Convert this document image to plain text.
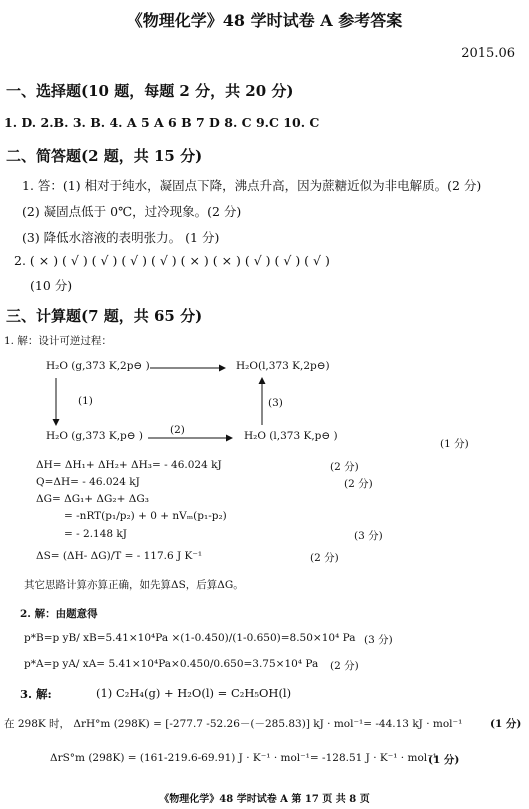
《物理化学》48 学时试卷 A 参考答案
2015.06
一、选择题(10 题，每题 2 分，共 20 分)
1. D. 2.B. 3. B. 4. A 5 A 6 B 7 D 8. C 9.C 10. C
二、简答题(2 题，共 15 分)
1. 答：(1) 相对于纯水，凝固点下降，沸点升高，因为蔗糖近似为非电解质。(2 分)
(2) 凝固点低于 0℃，过冷现象。(2 分)
(3) 降低水溶液的表明张力。 (1 分)
2. ( × ) ( √ ) ( √ ) ( √ ) ( √ ) ( × ) ( × ) ( √ ) ( √ ) ( √ )
(10 分)
三、计算题(7 题，共 65 分)
1. 解：设计可逆过程：
H₂O (g,373 K,2p⊖ )	H₂O(l,373 K,2p⊖)
H₂O (g,373 K,p⊖ )	H₂O (l,373 K,p⊖ )
(1)
(2)
(3)
(1 分)
ΔH= ΔH₁+ ΔH₂+ ΔH₃= - 46.024 kJ	(2 分)
Q=ΔH= - 46.024 kJ	(2 分)
ΔG= ΔG₁+ ΔG₂+ ΔG₃
= -nRT(p₁/p₂) + 0 + nVₘ(p₁-p₂)
= - 2.148 kJ	(3 分)
ΔS= (ΔH- ΔG)/T = - 117.6 J K⁻¹	(2 分)
其它思路计算亦算正确，如先算ΔS，后算ΔG。
2. 解：由题意得
p*B=p yB/ xB=5.41×10⁴Pa ×(1-0.450)/(1-0.650)=8.50×10⁴ Pa (3 分)
p*A=p yA/ xA= 5.41×10⁴Pa×0.450/0.650=3.75×10⁴ Pa (2 分)
3. 解:	(1) C₂H₄(g) + H₂O(l) = C₂H₅OH(l)
在 298K 时， ΔrH°m (298K) = [-277.7 -52.26－(－285.83)] kJ · mol⁻¹= -44.13 kJ · mol⁻¹	(1 分)
ΔrS°m (298K) = (161-219.6-69.91) J · K⁻¹ · mol⁻¹= -128.51 J · K⁻¹ · mol⁻¹
(1 分)
《物理化学》48 学时试卷 A 第 17 页 共 8 页
